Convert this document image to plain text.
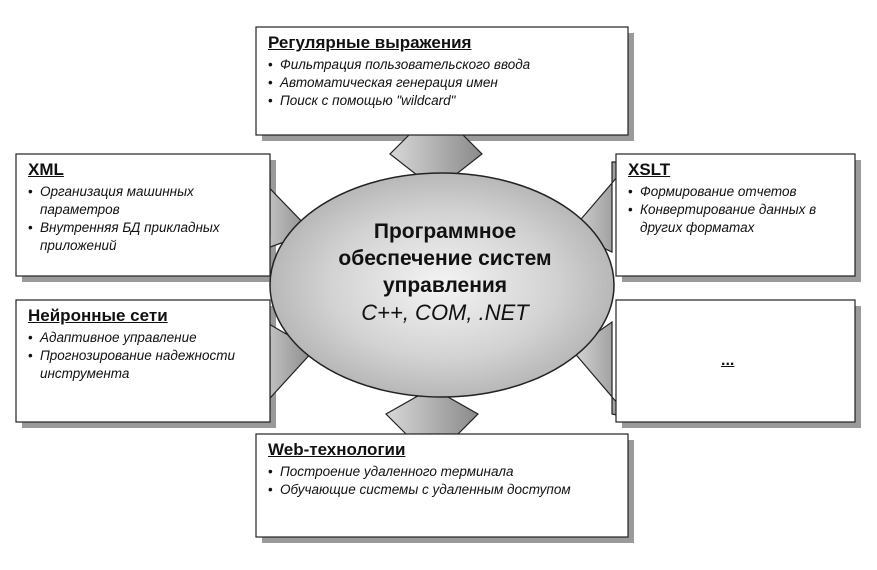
Регулярные выражения
• Фильтрация пользовательского ввода
• Автоматическая генерация имен
• Поиск с помощью "wildcard"
XML
• Организация машинных параметров
• Внутренняя БД прикладных приложений
XSLT
• Формирование отчетов
• Конвертирование данных в других форматах
Нейронные сети
• Адаптивное управление
• Прогнозирование надежности инструмента
...
Web-технологии
• Построение удаленного терминала
• Обучающие системы с удаленным доступом
Программное
обеспечение систем
управления
C++, COM, .NET
